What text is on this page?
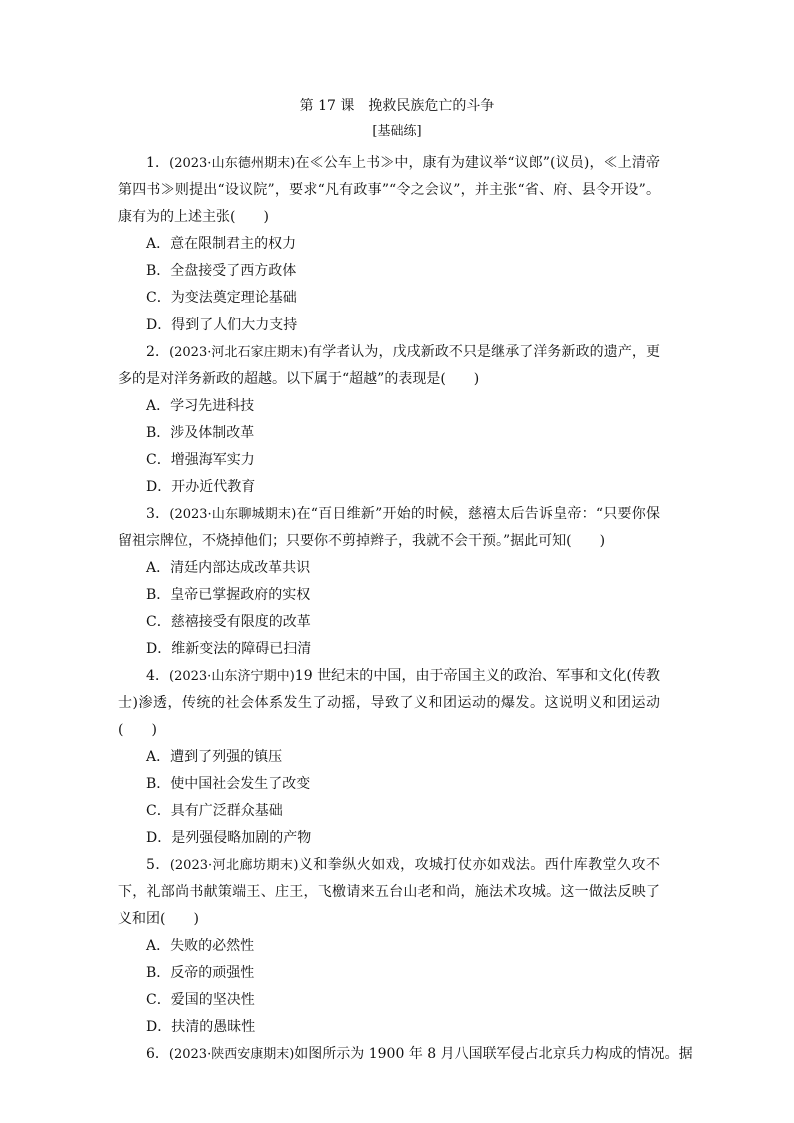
第 17 课　挽救民族危亡的斗争
[基础练]

1．(2023·山东德州期末)在≪公车上书≫中，康有为建议举“议郎”(议员)，≪上清帝第四书≫则提出“设议院”，要求“凡有政事”“令之会议”，并主张“省、府、县令开设”。康有为的上述主张(　　)

A．意在限制君主的权力

B．全盘接受了西方政体

C．为变法奠定理论基础

D．得到了人们大力支持

2．(2023·河北石家庄期末)有学者认为，戊戌新政不只是继承了洋务新政的遗产，更多的是对洋务新政的超越。以下属于“超越”的表现是(　　)

A．学习先进科技

B．涉及体制改革

C．增强海军实力

D．开办近代教育

3．(2023·山东聊城期末)在“百日维新”开始的时候，慈禧太后告诉皇帝：“只要你保留祖宗牌位，不烧掉他们；只要你不剪掉辫子，我就不会干预。”据此可知(　　)

A．清廷内部达成改革共识

B．皇帝已掌握政府的实权

C．慈禧接受有限度的改革

D．维新变法的障碍已扫清

4．(2023·山东济宁期中)19 世纪末的中国，由于帝国主义的政治、军事和文化(传教士)渗透，传统的社会体系发生了动摇，导致了义和团运动的爆发。这说明义和团运动(　　)

A．遭到了列强的镇压

B．使中国社会发生了改变

C．具有广泛群众基础

D．是列强侵略加剧的产物

5．(2023·河北廊坊期末)义和拳纵火如戏，攻城打仗亦如戏法。西什库教堂久攻不下，礼部尚书献策端王、庄王，飞檄请来五台山老和尚，施法术攻城。这一做法反映了义和团(　　)

A．失败的必然性

B．反帝的顽强性

C．爱国的坚决性

D．扶清的愚昧性

6．(2023·陕西安康期末)如图所示为 1900 年 8 月八国联军侵占北京兵力构成的情况。据
